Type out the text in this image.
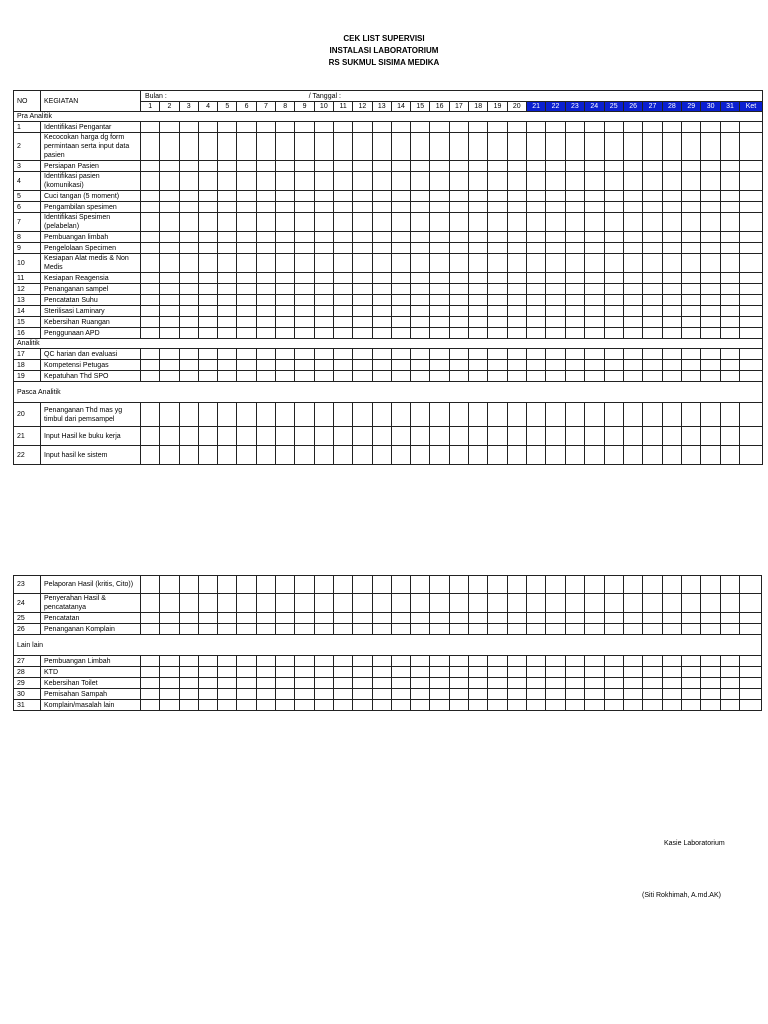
CEK LIST SUPERVISI
INSTALASI LABORATORIUM
RS SUKMUL SISIMA MEDIKA
NO	KEGIATAN	Bulan : / Tanggal :																															
		1	2	3	4	5	6	7	8	9	10	11	12	13	14	15	16	17	18	19	20	21	22	23	24	25	26	27	28	29	30	31	Ket
Pra Analitik																																	
1	Identifikasi Pengantar																																
2	Kecocokan harga dg form permintaan serta input data pasien																																
3	Persiapan Pasien																																
4	Identifikasi pasien (komunikasi)																																
5	Cuci tangan (5 moment)																																
6	Pengambilan spesimen																																
7	Identifikasi Spesimen (pelabelan)																																
8	Pembuangan limbah																																
9	Pengelolaan Specimen																																
10	Kesiapan Alat medis & Non Medis																																
11	Kesiapan Reagensia																																
12	Penanganan sampel																																
13	Pencatatan Suhu																																
14	Sterilisasi Laminary																																
15	Kebersihan Ruangan																																
16	Penggunaan APD																																
Analitik																																	
17	QC harian dan evaluasi																																
18	Kompetensi Petugas																																
19	Kepatuhan Thd SPO																																
Pasca Analitik																																	
20	Penanganan Thd mas yg timbul dari pemsampel																																
21	Input Hasil ke buku kerja																																
22	Input hasil ke sistem																																
23	Pelaporan Hasil (kritis, Cito))																																
24	Penyerahan Hasil & pencatatanya																																
25	Pencatatan																																
26	Penanganan Komplain																																
Lain lain																																	
27	Pembuangan Limbah																																
28	KTD																																
29	Kebersihan Toilet																																
30	Pemisahan Sampah																																
31	Komplain/masalah lain																																
Kasie Laboratorium
(Siti Rokhimah, A.md.AK)
